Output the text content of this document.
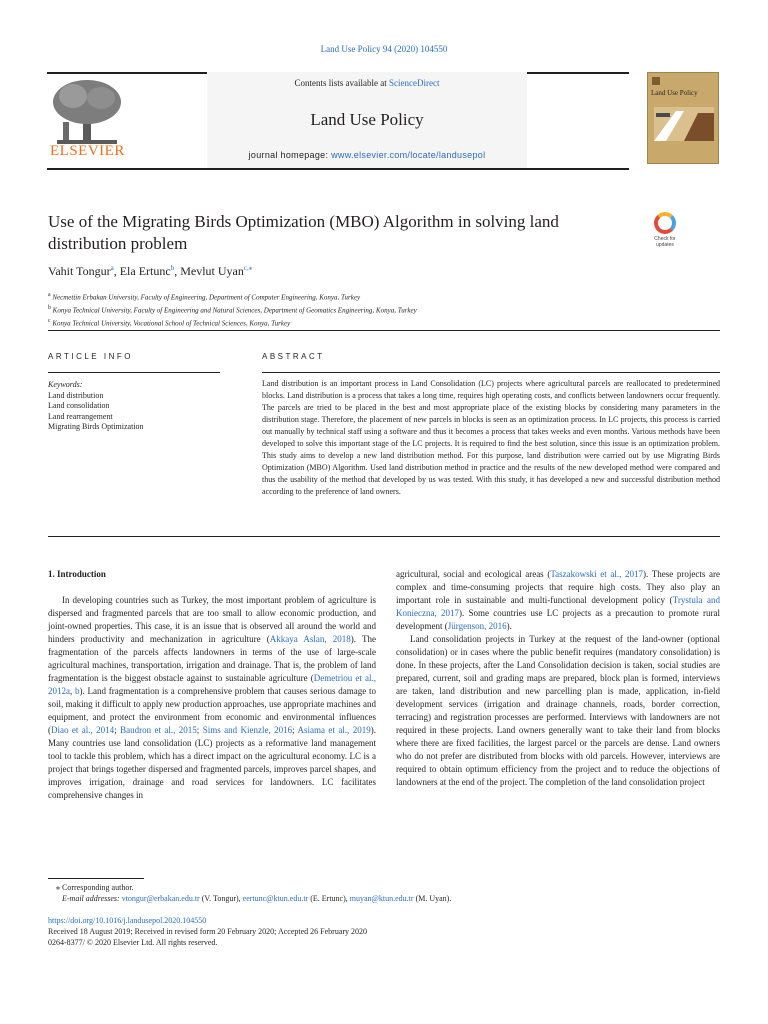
Land Use Policy 94 (2020) 104550
ELSEVIER
Contents lists available at ScienceDirect
Land Use Policy
journal homepage: www.elsevier.com/locate/landusepol
Land Use Policy
Use of the Migrating Birds Optimization (MBO) Algorithm in solving land distribution problem	Check for updates
Vahit Tongur$^a$, Ela Ertunc$^b$, Mevlut Uyan$^{c,⁎}$
$^a$ Necmettin Erbakan University, Faculty of Engineering, Department of Computer Engineering, Konya, Turkey
$^b$ Konya Technical University, Faculty of Engineering and Natural Sciences, Department of Geomatics Engineering, Konya, Turkey
$^c$ Konya Technical University, Vocational School of Technical Sciences, Konya, Turkey
ARTICLE INFO	ABSTRACT
Keywords:
Land distribution
Land consolidation
Land rearrangement
Migrating Birds Optimization
Land distribution is an important process in Land Consolidation (LC) projects where agricultural parcels are reallocated to predetermined blocks. Land distribution is a process that takes a long time, requires high operating costs, and conflicts between landowners occur frequently. The parcels are tried to be placed in the best and most appropriate place of the existing blocks by considering many parameters in the distribution stage. Therefore, the placement of new parcels in blocks is seen as an optimization process. In LC projects, this process is carried out manually by technical staff using a software and thus it becomes a process that takes weeks and even months. Various methods have been developed to solve this important stage of the LC projects. It is required to find the best solution, since this issue is an optimization problem. This study aims to develop a new land distribution method. For this purpose, land distribution were carried out by use Migrating Birds Optimization (MBO) Algorithm. Used land distribution method in practice and the results of the new developed method were compared and thus the usability of the method that developed by us was tested. With this study, it has developed a new and successful distribution method according to the preference of land owners.

1. Introduction

In developing countries such as Turkey, the most important problem of agriculture is dispersed and fragmented parcels that are too small to allow economic production, and joint-owned properties. This case, it is an issue that is observed all around the world and hinders productivity and mechanization in agriculture (Akkaya Aslan, 2018). The fragmentation of the parcels affects landowners in terms of the use of large-scale agricultural machines, transportation, irrigation and drainage. That is, the problem of land fragmentation is the biggest obstacle against to sustainable agriculture (Demetriou et al., 2012a, b). Land fragmentation is a comprehensive problem that causes serious damage to soil, making it difficult to apply new production approaches, use appropriate machines and equipment, and protect the environment from economic and environmental influences (Diao et al., 2014; Baudron et al., 2015; Sims and Kienzle, 2016; Asiama et al., 2019). Many countries use land consolidation (LC) projects as a reformative land management tool to tackle this problem, which has a direct impact on the agricultural economy. LC is a project that brings together dispersed and fragmented parcels, improves parcel shapes, and improves irrigation, drainage and road services for landowners. LC facilitates comprehensive changes in

agricultural, social and ecological areas (Taszakowski et al., 2017). These projects are complex and time-consuming projects that require high costs. They also play an important role in sustainable and multi-functional development policy (Trystula and Konieczna, 2017). Some countries use LC projects as a precaution to promote rural development (Jürgenson, 2016).

Land consolidation projects in Turkey at the request of the land-owner (optional consolidation) or in cases where the public benefit requires (mandatory consolidation) is done. In these projects, after the Land Consolidation decision is taken, social studies are prepared, current, soil and grading maps are prepared, block plan is formed, interviews are taken, land distribution and new parcelling plan is made, application, in-field development services (irrigation and drainage channels, roads, border correction, terracing) and registration processes are performed. Interviews with landowners are not required in these projects. Land owners generally want to take their land from blocks where there are fixed facilities, the largest parcel or the parcels are dense. Land owners who do not prefer are distributed from blocks with old parcels. However, interviews are required to obtain optimum efficiency from the project and to reduce the objections of landowners at the end of the project. The completion of the land consolidation project

⁎ Corresponding author.
E-mail addresses: vtongur@erbakan.edu.tr (V. Tongur), eertunc@ktun.edu.tr (E. Ertunc), muyan@ktun.edu.tr (M. Uyan).
https://doi.org/10.1016/j.landusepol.2020.104550
Received 18 August 2019; Received in revised form 20 February 2020; Accepted 26 February 2020
0264-8377/ © 2020 Elsevier Ltd. All rights reserved.
